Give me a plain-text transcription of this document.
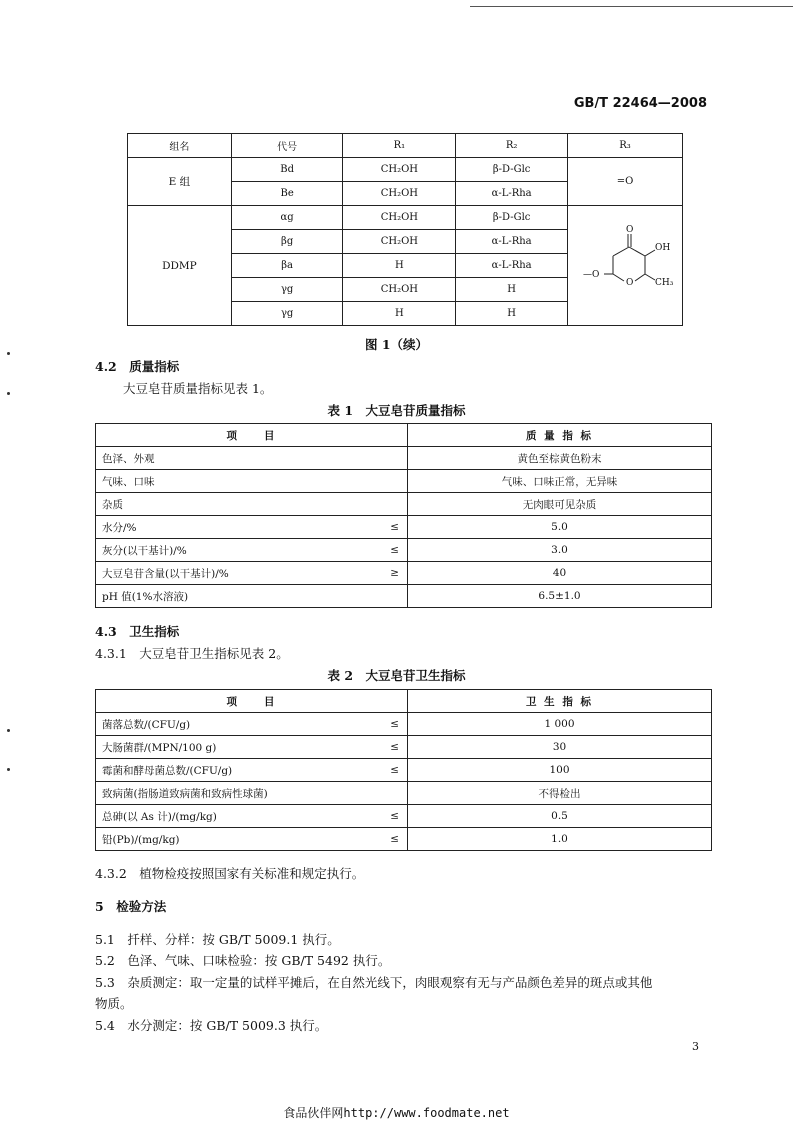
GB/T 22464—2008
组名	代号	R₁	R₂	R₃
E 组	Bd	CH₂OH	β-D-Glc	=O
	Be	CH₂OH	α-L-Rha	
DDMP	αg	CH₂OH	β-D-Glc	O
OH
O CH₃
—O

	βg	CH₂OH	α-L-Rha	
	βa	H	α-L-Rha	
	γg	CH₂OH	H	
	γg	H	H	
图 1（续）
4.2　质量指标
大豆皂苷质量指标见表 1。
表 1　大豆皂苷质量指标
项　　目		质 量 指 标
色泽、外观		黄色至棕黄色粉末
气味、口味		气味、口味正常，无异味
杂质		无肉眼可见杂质
水分/%	≤	5.0
灰分(以干基计)/%	≤	3.0
大豆皂苷含量(以干基计)/%	≥	40
pH 值(1%水溶液)		6.5±1.0
4.3　卫生指标
4.3.1　大豆皂苷卫生指标见表 2。
表 2　大豆皂苷卫生指标
项　　目		卫 生 指 标
菌落总数/(CFU/g)	≤	1 000
大肠菌群/(MPN/100 g)	≤	30
霉菌和酵母菌总数/(CFU/g)	≤	100
致病菌(指肠道致病菌和致病性球菌)		不得检出
总砷(以 As 计)/(mg/kg)	≤	0.5
铅(Pb)/(mg/kg)	≤	1.0
4.3.2　植物检疫按照国家有关标准和规定执行。
5　检验方法
5.1　扦样、分样：按 GB/T 5009.1 执行。
5.2　色泽、气味、口味检验：按 GB/T 5492 执行。
5.3　杂质测定：取一定量的试样平摊后，在自然光线下，肉眼观察有无与产品颜色差异的斑点或其他
物质。
5.4　水分测定：按 GB/T 5009.3 执行。
3
食品伙伴网http://www.foodmate.net
